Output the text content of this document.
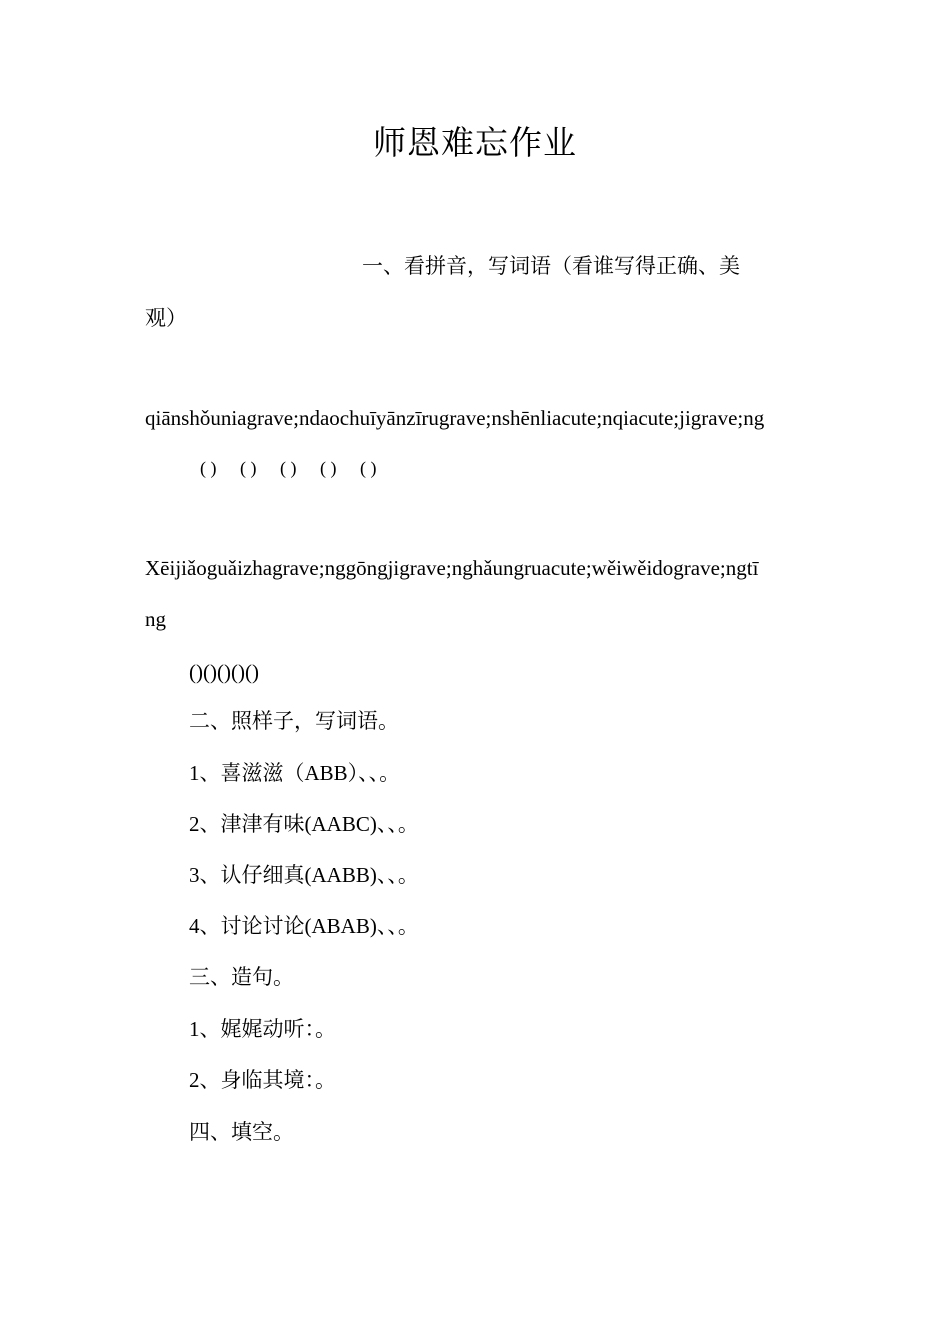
师恩难忘作业
一、看拼音，写词语（看谁写得正确、美
观）
qiānshǒuniagrave;ndaochuīyānzīrugrave;nshēnliacute;nqiacute;jigrave;ng
( ) ( ) ( ) ( ) ( )
Xēijiǎoguǎizhagrave;nggōngjigrave;nghǎungruacute;wěiwěidograve;ngtī
ng
()()()()()
二、照样子，写词语。
1、喜滋滋（ABB）、、。
2、津津有味(AABC)、、。
3、认仔细真(AABB)、、。
4、讨论讨论(ABAB)、、。
三、造句。
1、娓娓动听：。
2、身临其境：。
四、填空。
